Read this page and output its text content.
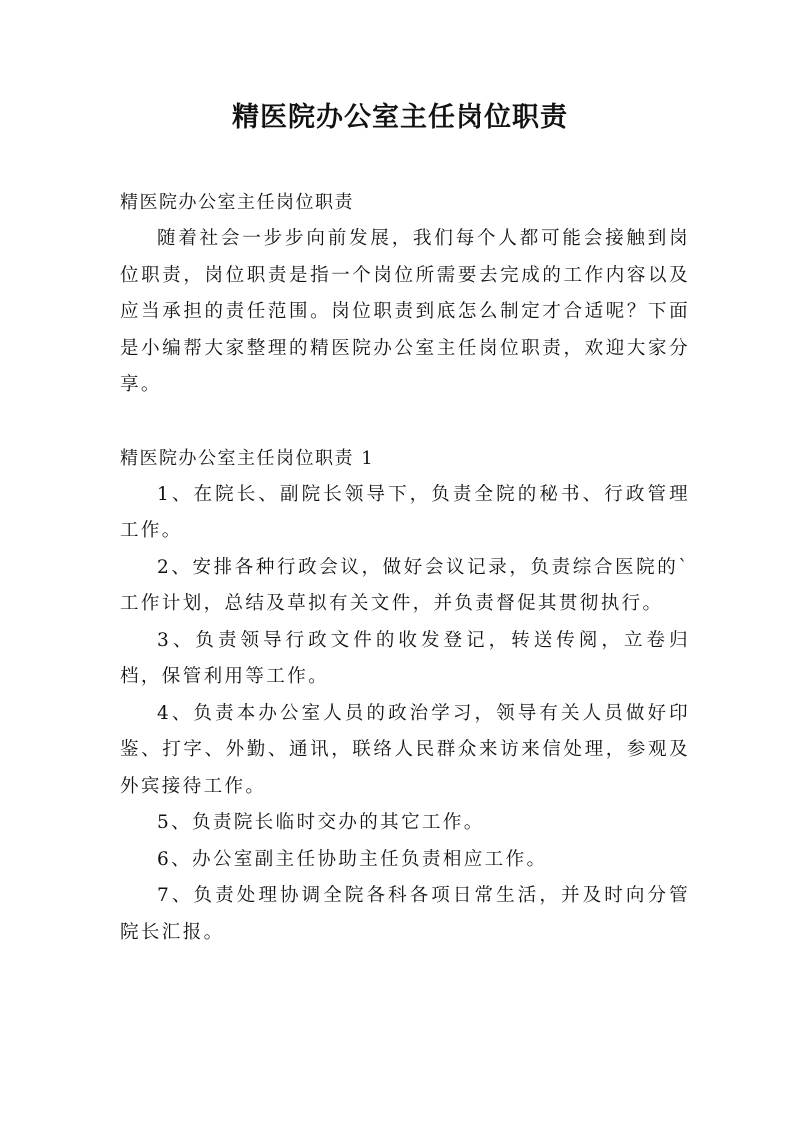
精医院办公室主任岗位职责

精医院办公室主任岗位职责

随着社会一步步向前发展，我们每个人都可能会接触到岗位职责，岗位职责是指一个岗位所需要去完成的工作内容以及应当承担的责任范围。岗位职责到底怎么制定才合适呢？下面是小编帮大家整理的精医院办公室主任岗位职责，欢迎大家分享。

精医院办公室主任岗位职责 1

1、在院长、副院长领导下，负责全院的秘书、行政管理工作。

2、安排各种行政会议，做好会议记录，负责综合医院的`工作计划，总结及草拟有关文件，并负责督促其贯彻执行。

3、负责领导行政文件的收发登记，转送传阅，立卷归档，保管利用等工作。

4、负责本办公室人员的政治学习，领导有关人员做好印鉴、打字、外勤、通讯，联络人民群众来访来信处理，参观及外宾接待工作。

5、负责院长临时交办的其它工作。

6、办公室副主任协助主任负责相应工作。

7、负责处理协调全院各科各项日常生活，并及时向分管院长汇报。
